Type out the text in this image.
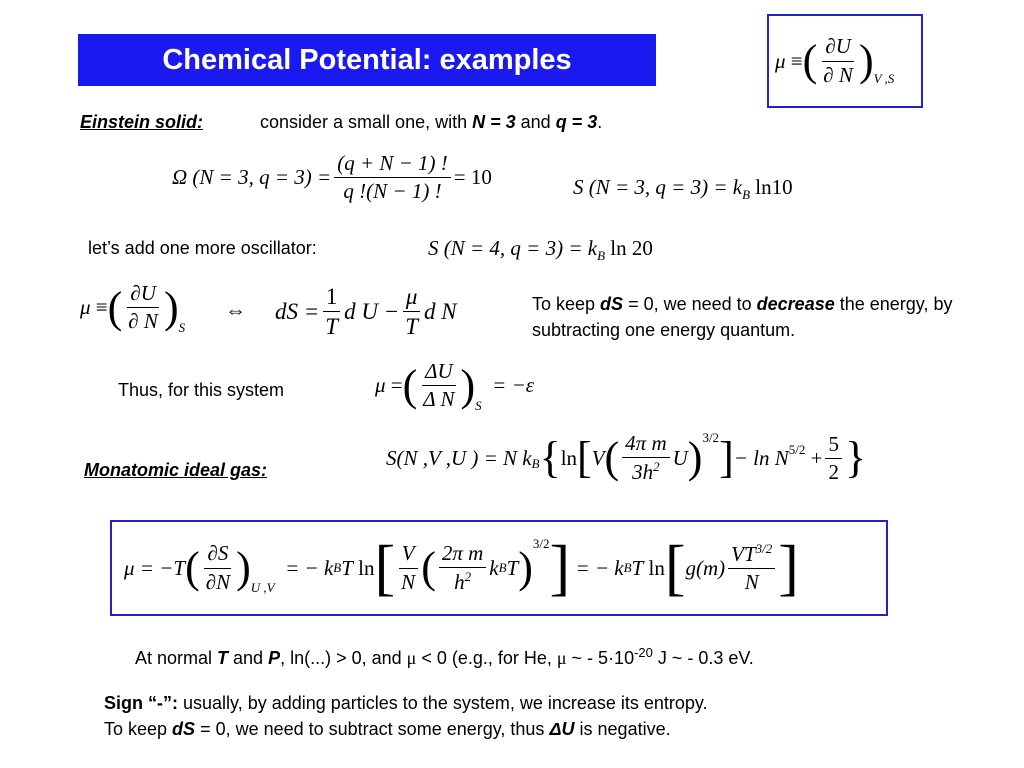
Chemical Potential: examples	μ
≡ ( $\frac{\partial U}{\partial N} )_{V ,S}$
Einstein solid:	consider a small one, with N = 3 and q = 3.
Ω (N = 3, $q = 3) = \frac{(q + N - 1) !}{q !(N - 1) !} = 10$	S (N = 3, $q = 3) = k_B$ ln10
let’s add one more oscillator:	S (N = 4, $q = 3) = k_B$ ln 20
μ
≡ ( $\frac{\partial U}{\partial N} )_S$
⇔ dS = $\frac{1}{T}$ d $U - \frac{\mu}{T}$ d N	To keep dS = 0, we need to decrease the energy, by subtracting one energy quantum.
Thus, for this system	μ = ( $\frac{\Delta U}{\text{Δ N}} )_S$

= −ε
Monatomic ideal gas:
S(N ,V ,U ) = N $k_B$ { ln [ V ( $\frac{\text{4π m}}{3h^2}$ U )$^{3/2}$ ] − $\ln N^{5/2}$
+ $\frac{5}{2}$ }
μ = −T ( $\frac{\partial S}{\partial N} )_{U ,V}$

= − k B T
ln [ $\frac{V}{N}$ ( $\frac{\text{2π m}}{h^2}$ k B T )$^{3/2}$ ]
= − k B T
ln [ $g(m) \frac{VT^{3/2}}{N}$ ]
At normal T and P, ln(...) > 0, and μ < 0 (e.g., for He, μ ~ - $5\cdot 10^{-20}$ J ~ - 0.3 eV.
Sign “-”: usually, by adding particles to the system, we increase its entropy.
To keep dS = 0, we need to subtract some energy, thus ΔU is negative.
